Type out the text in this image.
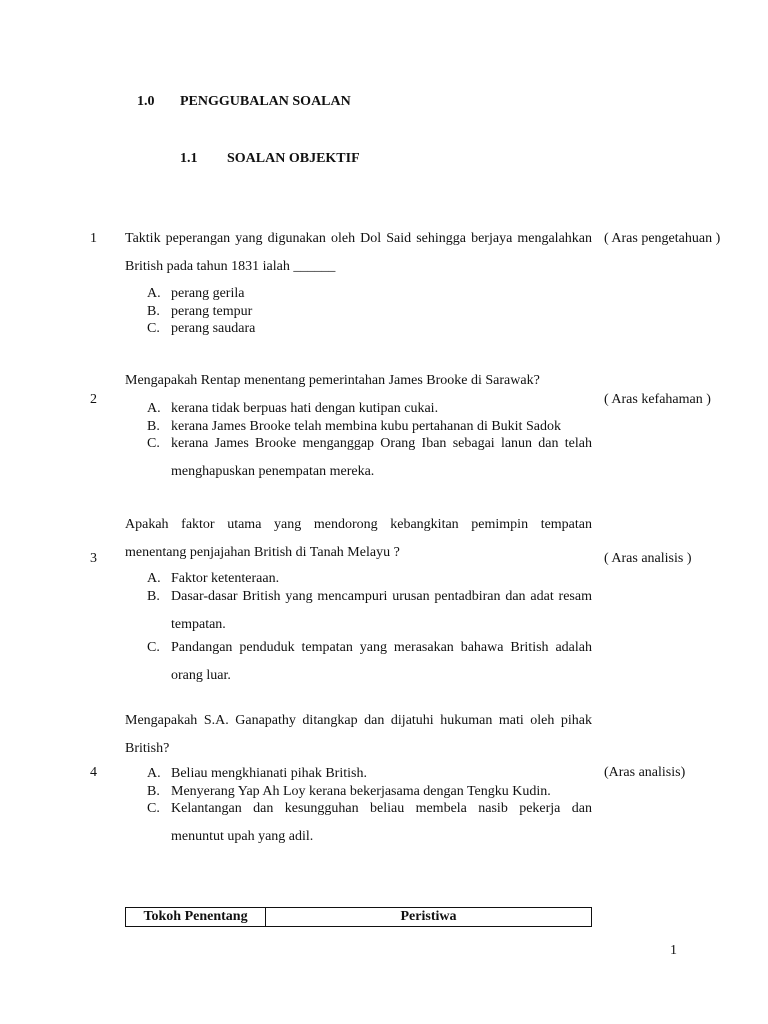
1.0 PENGGUBALAN SOALAN
1.1 SOALAN OBJEKTIF
1 Taktik peperangan yang digunakan oleh Dol Said sehingga berjaya mengalahkan British pada tahun 1831 ialah ______
( Aras pengetahuan )
A. perang gerila
B. perang tempur
C. perang saudara
Mengapakah Rentap menentang pemerintahan James Brooke di Sarawak?
2	( Aras kefahaman )
A. kerana tidak berpuas hati dengan kutipan cukai.
B. kerana James Brooke telah membina kubu pertahanan di Bukit Sadok
C. kerana James Brooke menganggap Orang Iban sebagai lanun dan telah menghapuskan penempatan mereka.
Apakah faktor utama yang mendorong kebangkitan pemimpin tempatan menentang penjajahan British di Tanah Melayu ?
3	( Aras analisis )
A. Faktor ketenteraan.
B. Dasar-dasar British yang mencampuri urusan pentadbiran dan adat resam tempatan.
C. Pandangan penduduk tempatan yang merasakan bahawa British adalah orang luar.
Mengapakah S.A. Ganapathy ditangkap dan dijatuhi hukuman mati oleh pihak British?
4	(Aras analisis)
A. Beliau mengkhianati pihak British.
B. Menyerang Yap Ah Loy kerana bekerjasama dengan Tengku Kudin.
C. Kelantangan dan kesungguhan beliau membela nasib pekerja dan menuntut upah yang adil.
Tokoh Penentang	Peristiwa
1
